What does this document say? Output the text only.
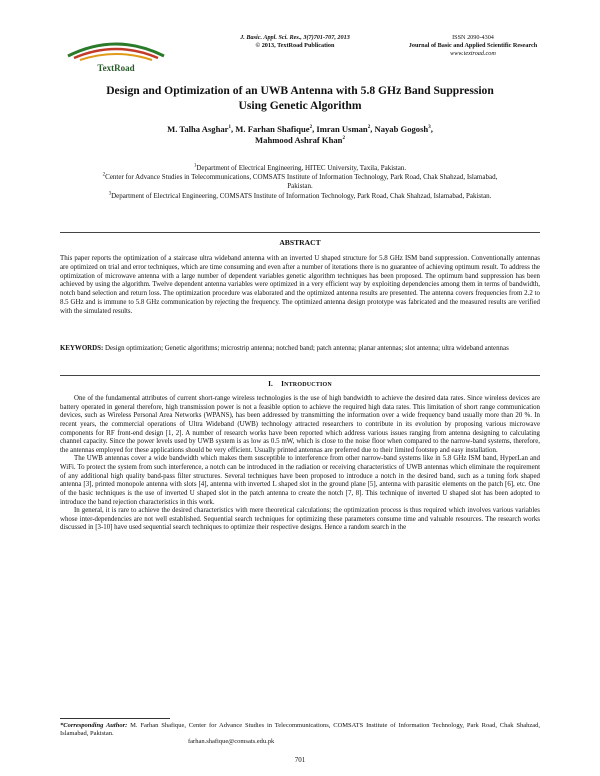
TextRoad
J. Basic. Appl. Sci. Res., 3(7)701-707, 2013
© 2013, TextRoad Publication
ISSN 2090-4304
Journal of Basic and Applied Scientific Research
www.textroad.com
Design and Optimization of an UWB Antenna with 5.8 GHz Band Suppression Using Genetic Algorithm
M. Talha Asghar$^1$, M. Farhan Shafique$^2$, Imran Usman$^2$, Nayab Gogosh$^3$,
Mahmood Ashraf Khan$^2$

$^1$Department of Electrical Engineering, HITEC University, Taxila, Pakistan.

$^2$Center for Advance Studies in Telecommunications, COMSATS Institute of Information Technology, Park Road, Chak Shahzad, Islamabad, Pakistan.

$^3$Department of Electrical Engineering, COMSATS Institute of Information Technology, Park Road, Chak Shahzad, Islamabad, Pakistan.

ABSTRACT
This paper reports the optimization of a staircase ultra wideband antenna with an inverted U shaped structure for 5.8 GHz ISM band suppression. Conventionally antennas are optimized on trial and error techniques, which are time consuming and even after a number of iterations there is no guarantee of achieving optimum result. To address the optimization of microwave antenna with a large number of dependent variables genetic algorithm techniques has been proposed. The optimum band suppression has been achieved by using the algorithm. Twelve dependent antenna variables were optimized in a very efficient way by exploiting dependencies among them in terms of bandwidth, notch band selection and return loss. The optimization procedure was elaborated and the optimized antenna results are presented. The antenna covers frequencies from 2.2 to 8.5 GHz and is immune to 5.8 GHz communication by rejecting the frequency. The optimized antenna design prototype was fabricated and the measured results are verified with the simulated results.
KEYWORDS: Design optimization; Genetic algorithms; microstrip antenna; notched band; patch antenna; planar antennas; slot antenna; ultra wideband antennas
I. INTRODUCTION

One of the fundamental attributes of current short-range wireless technologies is the use of high bandwidth to achieve the desired data rates. Since wireless devices are battery operated in general therefore, high transmission power is not a feasible option to achieve the required high data rates. This limitation of short range communication devices, such as Wireless Personal Area Networks (WPANS), has been addressed by transmitting the information over a wide frequency band usually more than 20 %. In recent years, the commercial operations of Ultra Wideband (UWB) technology attracted researchers to contribute in its evolution by proposing various microwave components for RF front-end design [1, 2]. A number of research works have been reported which address various issues ranging from antenna designing to calculating channel capacity. Since the power levels used by UWB system is as low as 0.5 mW, which is close to the noise floor when compared to the narrow-band systems, therefore, the antennas employed for these applications should be very efficient. Usually printed antennas are preferred due to their limited footstep and easy installation.

The UWB antennas cover a wide bandwidth which makes them susceptible to interference from other narrow-band systems like in 5.8 GHz ISM band, HyperLan and WiFi. To protect the system from such interference, a notch can be introduced in the radiation or receiving characteristics of UWB antennas which eliminate the requirement of any additional high quality band-pass filter structures. Several techniques have been proposed to introduce a notch in the desired band, such as a tuning fork shaped antenna [3], printed monopole antenna with slots [4], antenna with inverted L shaped slot in the ground plane [5], antenna with parasitic elements on the patch [6], etc. One of the basic techniques is the use of inverted U shaped slot in the patch antenna to create the notch [7, 8]. This technique of inverted U shaped slot has been adopted to introduce the band rejection characteristics in this work.

In general, it is rare to achieve the desired characteristics with mere theoretical calculations; the optimization process is thus required which involves various variables whose inter-dependencies are not well established. Sequential search techniques for optimizing these parameters consume time and valuable resources. The research works discussed in [3-10] have used sequential search techniques to optimize their respective designs. Hence a random search in the

*Corresponding Author: M. Farhan Shafique, Center for Advance Studies in Telecommunications, COMSATS Institute of Information Technology, Park Road, Chak Shahzad, Islamabad, Pakistan.
farhan.shafique@comsats.edu.pk
701
